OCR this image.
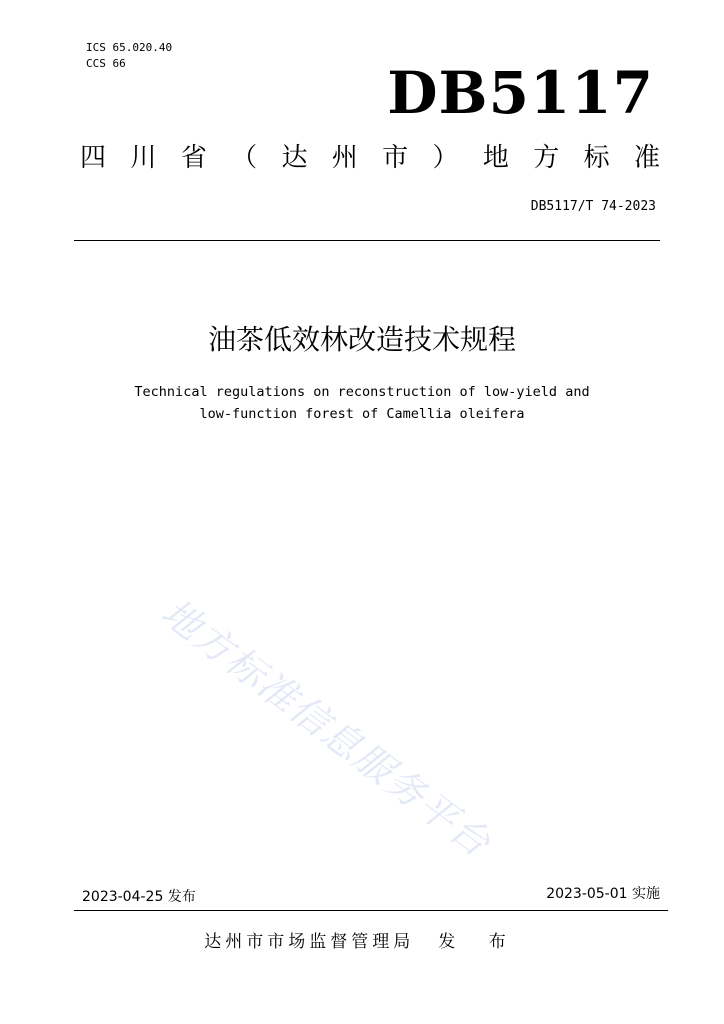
ICS 65.020.40
CCS 66	DB5117
四 川 省 （ 达 州 市 ） 地 方 标 准
DB5117/T 74-2023
油茶低效林改造技术规程
Technical regulations on reconstruction of low-yield and
low-function forest of Camellia oleifera
地方标准信息服务平台
2023-04-25 发布	2023-05-01 实施
达州市市场监督管理局 发 布
